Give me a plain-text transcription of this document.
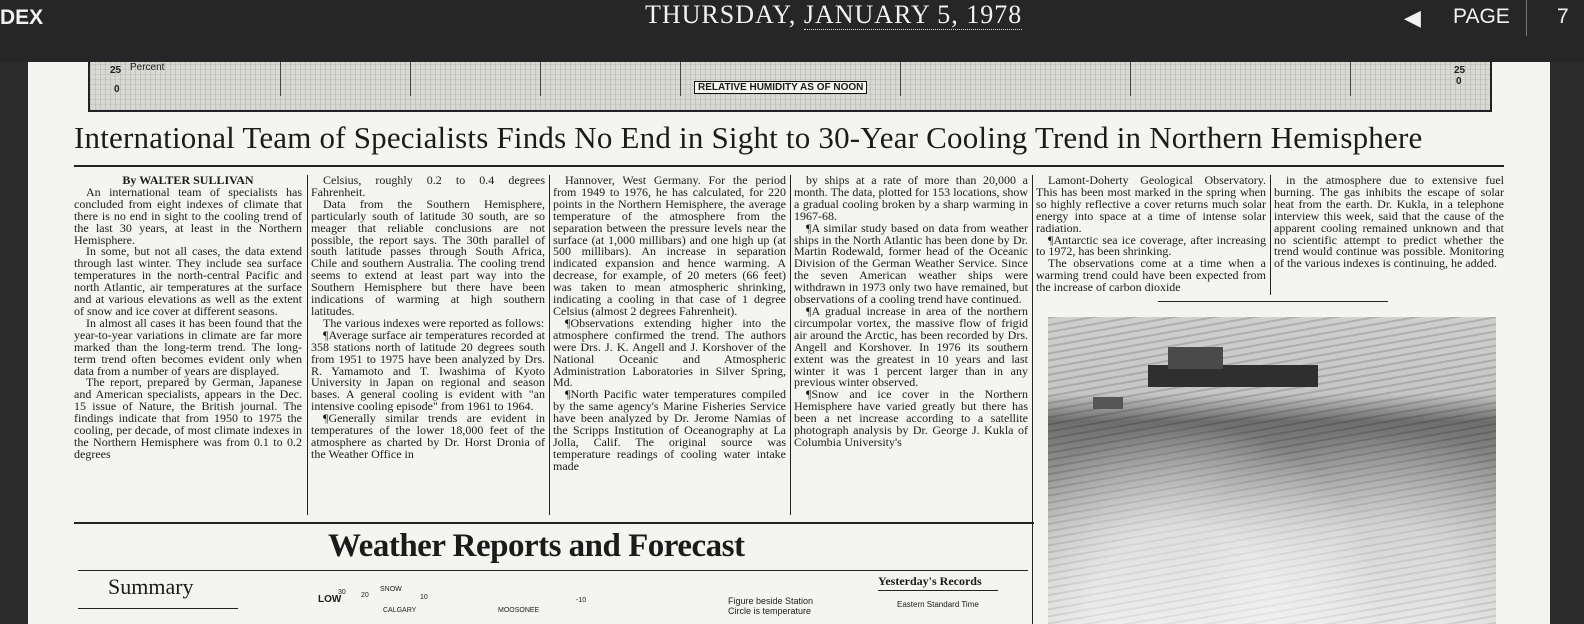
DEX	THURSDAY, JANUARY 5, 1978	◀ PAGE	7
Percent
25
0
25
0
RELATIVE HUMIDITY AS OF NOON
International Team of Specialists Finds No End in Sight to 30-Year Cooling Trend in Northern Hemisphere

By WALTER SULLIVAN

An international team of specialists has concluded from eight indexes of climate that there is no end in sight to the cooling trend of the last 30 years, at least in the Northern Hemisphere.

In some, but not all cases, the data extend through last winter. They include sea surface temperatures in the north-central Pacific and north Atlantic, air temperatures at the surface and at various elevations as well as the extent of snow and ice cover at different seasons.

In almost all cases it has been found that the year-to-year variations in climate are far more marked than the long-term trend. The long-term trend often becomes evident only when data from a number of years are displayed.

The report, prepared by German, Japanese and American specialists, appears in the Dec. 15 issue of Nature, the British journal. The findings indicate that from 1950 to 1975 the cooling, per decade, of most climate indexes in the Northern Hemisphere was from 0.1 to 0.2 degrees

Celsius, roughly 0.2 to 0.4 degrees Fahrenheit.

Data from the Southern Hemisphere, particularly south of latitude 30 south, are so meager that reliable conclusions are not possible, the report says. The 30th parallel of south latitude passes through South Africa, Chile and southern Australia. The cooling trend seems to extend at least part way into the Southern Hemisphere but there have been indications of warming at high southern latitudes.

The various indexes were reported as follows:

¶Average surface air temperatures recorded at 358 stations north of latitude 20 degrees south from 1951 to 1975 have been analyzed by Drs. R. Yamamoto and T. Iwashima of Kyoto University in Japan on regional and season bases. A general cooling is evident with "an intensive cooling episode" from 1961 to 1964.

¶Generally similar trends are evident in temperatures of the lower 18,000 feet of the atmosphere as charted by Dr. Horst Dronia of the Weather Office in

Hannover, West Germany. For the period from 1949 to 1976, he has calculated, for 220 points in the Northern Hemisphere, the average temperature of the atmosphere from the separation between the pressure levels near the surface (at 1,000 millibars) and one high up (at 500 millibars). An increase in separation indicated expansion and hence warming. A decrease, for example, of 20 meters (66 feet) was taken to mean atmospheric shrinking, indicating a cooling in that case of 1 degree Celsius (almost 2 degrees Fahrenheit).

¶Observations extending higher into the atmosphere confirmed the trend. The authors were Drs. J. K. Angell and J. Korshover of the National Oceanic and Atmospheric Administration Laboratories in Silver Spring, Md.

¶North Pacific water temperatures compiled by the same agency's Marine Fisheries Service have been analyzed by Dr. Jerome Namias of the Scripps Institution of Oceanography at La Jolla, Calif. The original source was temperature readings of cooling water intake made

by ships at a rate of more than 20,000 a month. The data, plotted for 153 locations, show a gradual cooling broken by a sharp warming in 1967-68.

¶A similar study based on data from weather ships in the North Atlantic has been done by Dr. Martin Rodewald, former head of the Oceanic Division of the German Weather Service. Since the seven American weather ships were withdrawn in 1973 only two have remained, but observations of a cooling trend have continued.

¶A gradual increase in area of the northern circumpolar vortex, the massive flow of frigid air around the Arctic, has been recorded by Drs. Angell and Korshover. In 1976 its southern extent was the greatest in 10 years and last winter it was 1 percent larger than in any previous winter observed.

¶Snow and ice cover in the Northern Hemisphere have varied greatly but there has been a net increase according to a satellite photograph analysis by Dr. George J. Kukla of Columbia University's

Lamont-Doherty Geological Observatory. This has been most marked in the spring when so highly reflective a cover returns much solar energy into space at a time of intense solar radiation.

¶Antarctic sea ice coverage, after increasing to 1972, has been shrinking.

The observations come at a time when a warming trend could have been expected from the increase of carbon dioxide

in the atmosphere due to extensive fuel burning. The gas inhibits the escape of solar heat from the earth. Dr. Kukla, in a telephone interview this week, said that the cause of the apparent cooling remained unknown and that no scientific attempt to predict whether the trend would continue was possible. Monitoring of the various indexes is continuing, he added.

Weather Reports and Forecast
Summary
LOW
30 20
SNOW
10
CALGARY	MOOSONEE
-10	Figure beside Station
Circle is temperature
Yesterday's Records
Eastern Standard Time
